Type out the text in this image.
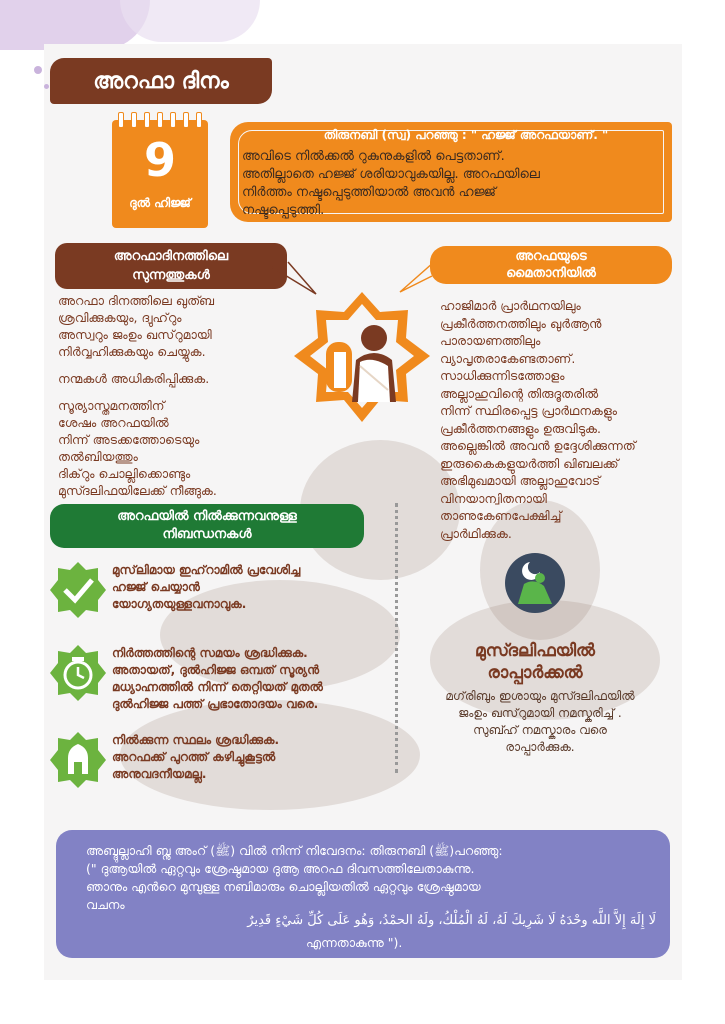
അറഫാ ദിനം
9
ദുൽ ഹിജ്ജ്
തിരുനബി (സ്വ) പറഞ്ഞു : " ഹജ്ജ് അറഫയാണ്. "
അവിടെ നിൽക്കൽ റുകുനുകളിൽ പെട്ടതാണ്.
അതില്ലാതെ ഹജ്ജ് ശരിയാവുകയില്ല. അറഫയിലെ
നിർത്തം നഷ്ടപ്പെടുത്തിയാൽ അവൻ ഹജ്ജ്
നഷ്ടപ്പെടുത്തി.
അറഫാദിനത്തിലെ
സുന്നത്തുകൾ
അറഫയുടെ
മൈതാനിയിൽ

അറഫാ ദിനത്തിലെ ഖുത്ബ
ശ്രവിക്കുകയും, ദ്വുഹ്‌റും
അസ്വറും ജംഉം ഖസ്‌റുമായി
നിർവ്വഹിക്കുകയും ചെയ്യുക.

നന്മകൾ അധികരിപ്പിക്കുക.

സൂര്യാസ്തമനത്തിന്
ശേഷം അറഫയിൽ
നിന്ന് അടക്കത്തോടെയും
തൽബിയത്തും
ദിക്‌റും ചൊല്ലിക്കൊണ്ടും
മുസ്ദലിഫയിലേക്ക് നീങ്ങുക.

ഹാജിമാർ പ്രാർഥനയിലും
പ്രകീർത്തനത്തിലും ഖുർആൻ
പാരായണത്തിലും
വ്യാപൃതരാകേണ്ടതാണ്.
സാധിക്കുന്നിടത്തോളം
അല്ലാഹുവിന്റെ തിരുദൂതരിൽ
നിന്ന് സ്ഥിരപ്പെട്ട പ്രാർഥനകളും
പ്രകീർത്തനങ്ങളും ഉരുവിടുക.
അല്ലെങ്കിൽ അവൻ ഉദ്ദേശിക്കുന്നത്
ഇരുകൈകളുയർത്തി ഖിബലക്ക്
അഭിമുഖമായി അല്ലാഹുവോട്
വിനയാന്വിതനായി
താണുകേണപേക്ഷിച്ച്
പ്രാർഥിക്കുക.
അറഫയിൽ നിൽക്കുന്നവനുള്ള
നിബന്ധനകൾ
മുസ്‌ലിമായ ഇഹ്‌റാമിൽ പ്രവേശിച്ച
ഹജ്ജ് ചെയ്യാൻ
യോഗ്യതയുള്ളവനാവുക.
നിർത്തത്തിന്റെ സമയം ശ്രദ്ധിക്കുക.
അതായത്, ദുൽഹിജ്ജ ഒമ്പത് സൂര്യൻ
മധ്യാഹ്നത്തിൽ നിന്ന് തെറ്റിയത് മുതൽ
ദുൽഹിജ്ജ പത്ത് പ്രഭാതോദയം വരെ.
നിൽക്കുന്ന സ്ഥലം ശ്രദ്ധിക്കുക.
അറഫക്ക് പുറത്ത് കഴിച്ചുകൂട്ടൽ
അനുവദനീയമല്ല.
മുസ്ദലിഫയിൽ
രാപ്പാർക്കൽ
മഗ്‌രിബും ഇശായും മുസ്ദലിഫയിൽ
ജംഉം ഖസ്‌റുമായി നമസ്കരിച്ച് .
സുബ്ഹ് നമസ്കാരം വരെ
രാപ്പാർക്കുക.
അബ്ദുല്ലാഹി ബ്നു അംറ് (ﷺ) വിൽ നിന്ന് നിവേദനം: തിരുനബി (ﷺ)പറഞ്ഞു:
(" ദുആയിൽ ഏറ്റവും ശ്രേഷ്ഠമായ ദുആ അറഫ ദിവസത്തിലേതാകുന്നു.
ഞാനും എൻറെ മുമ്പുള്ള നബിമാരും ചൊല്ലിയതിൽ ഏറ്റവും ശ്രേഷ്ഠമായ
വചനം
لَا إِلَهَ إِلاَّ اللَّه وحْدَهُ لَا شَرِيكَ لَهُ، لَهُ الْمُلْكُ، ولَهُ الحمْدُ، وَهُو عَلَى كُلِّ شَيْءٍ قَدِيرٌ
എന്നതാകുന്നു ").
